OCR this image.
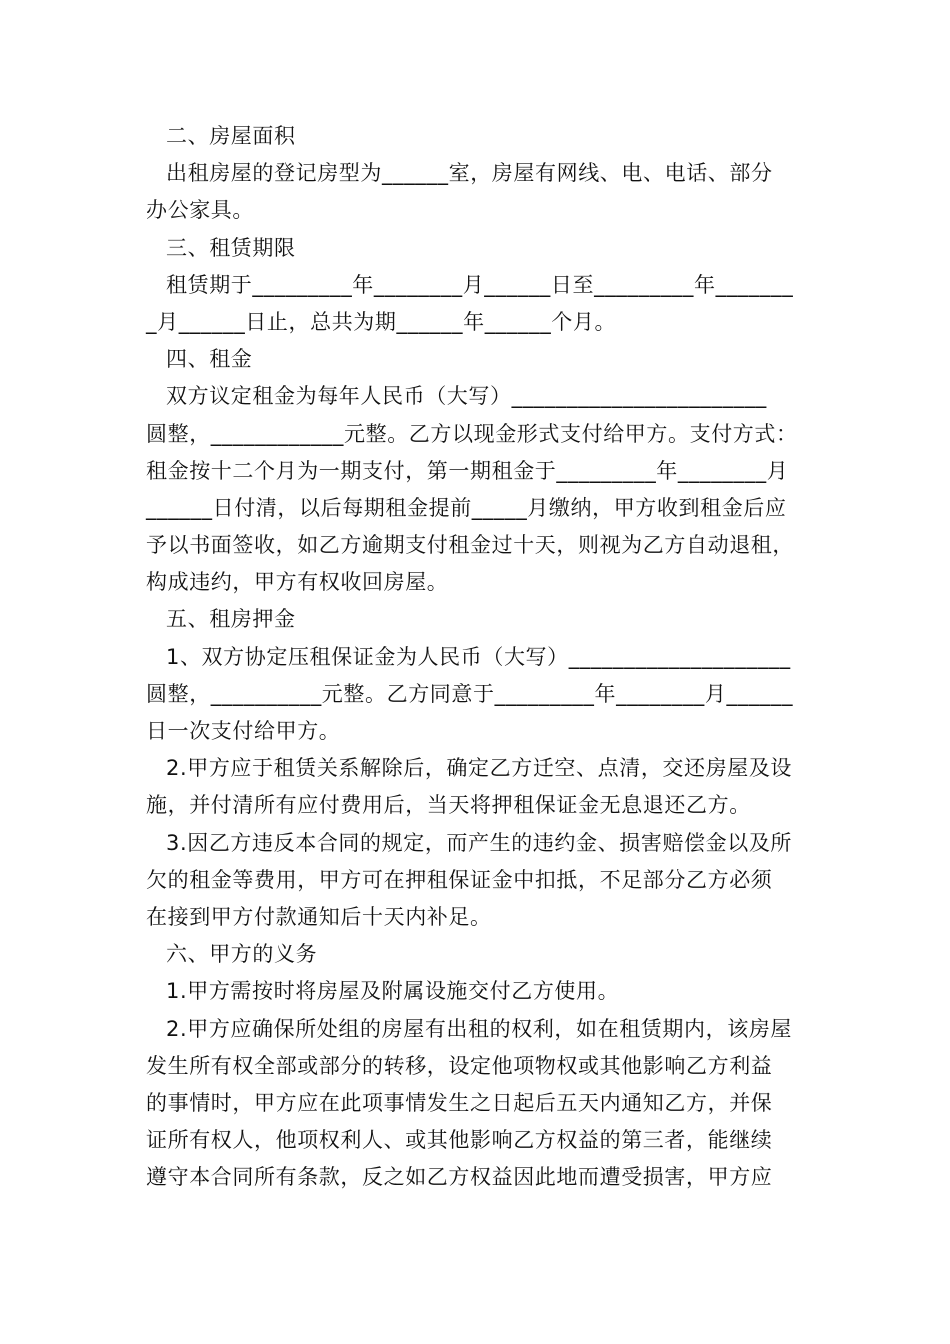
二、房屋面积
出租房屋的登记房型为______室，房屋有网线、电、电话、部分
办公家具。
三、租赁期限
租赁期于_________年________月______日至_________年_______
_月______日止，总共为期______年______个月。
四、租金
双方议定租金为每年人民币（大写）_______________________
圆整，____________元整。乙方以现金形式支付给甲方。支付方式：
租金按十二个月为一期支付，第一期租金于_________年________月
______日付清，以后每期租金提前_____月缴纳，甲方收到租金后应
予以书面签收，如乙方逾期支付租金过十天，则视为乙方自动退租，
构成违约，甲方有权收回房屋。
五、租房押金
1、双方协定压租保证金为人民币（大写）____________________
圆整，__________元整。乙方同意于_________年________月______
日一次支付给甲方。
2.甲方应于租赁关系解除后，确定乙方迁空、点清，交还房屋及设
施，并付清所有应付费用后，当天将押租保证金无息退还乙方。
3.因乙方违反本合同的规定，而产生的违约金、损害赔偿金以及所
欠的租金等费用，甲方可在押租保证金中扣抵，不足部分乙方必须
在接到甲方付款通知后十天内补足。
六、甲方的义务
1.甲方需按时将房屋及附属设施交付乙方使用。
2.甲方应确保所处组的房屋有出租的权利，如在租赁期内，该房屋
发生所有权全部或部分的转移，设定他项物权或其他影响乙方利益
的事情时，甲方应在此项事情发生之日起后五天内通知乙方，并保
证所有权人，他项权利人、或其他影响乙方权益的第三者，能继续
遵守本合同所有条款，反之如乙方权益因此地而遭受损害，甲方应
